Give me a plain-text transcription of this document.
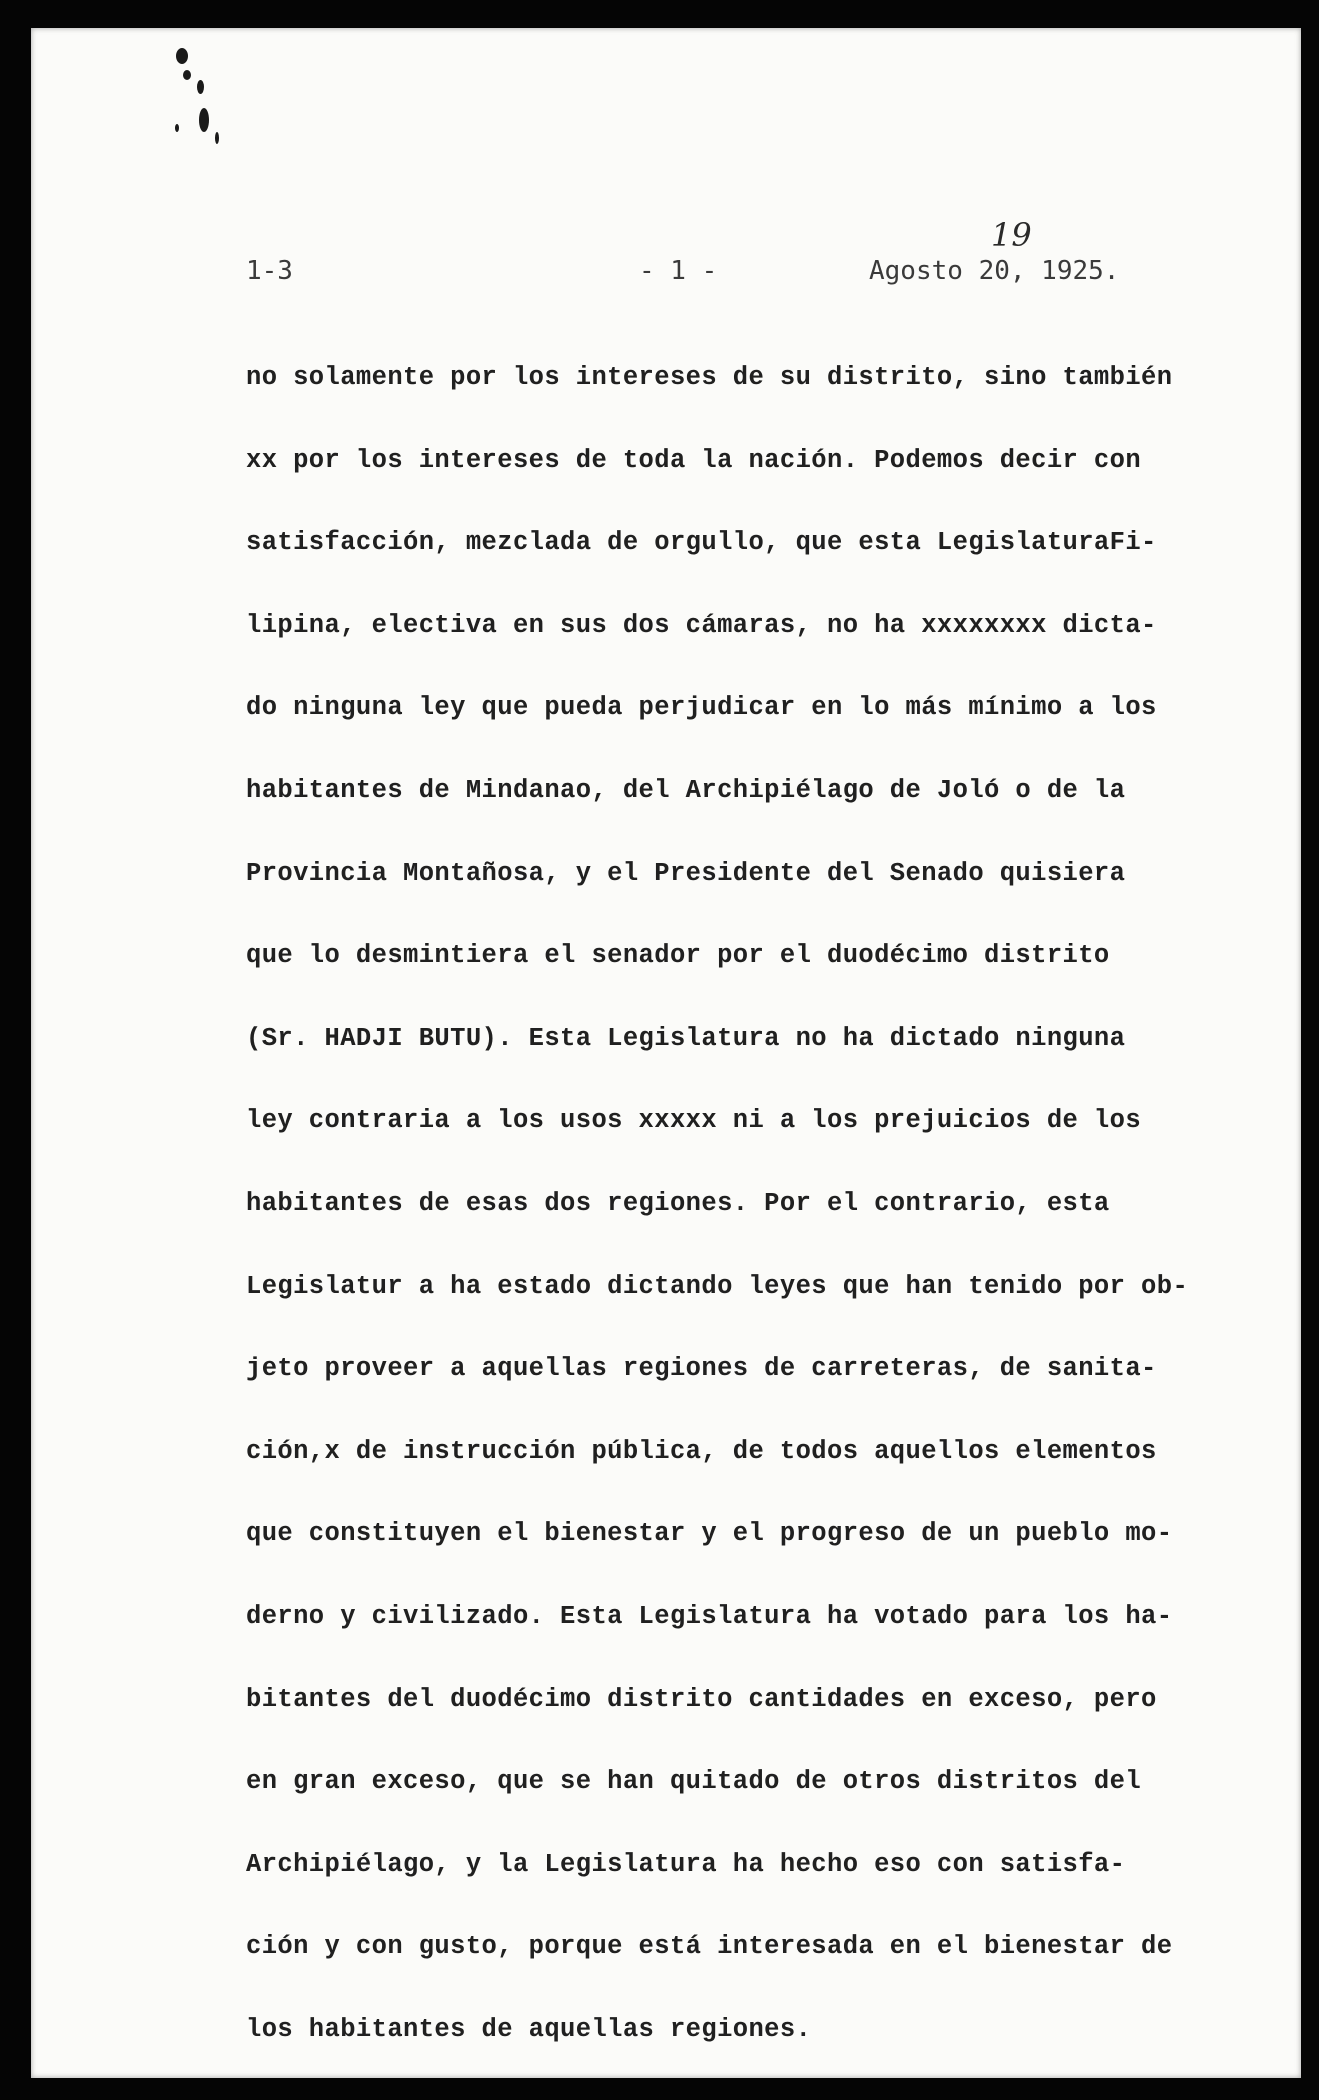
19
1-3	- 1 -	Agosto 20, 1925.
no solamente por los intereses de su distrito, sino también
xx por los intereses de toda la nación. Podemos decir con
satisfacción, mezclada de orgullo, que esta LegislaturaFi-
lipina, electiva en sus dos cámaras, no ha xxxxxxxx dicta-
do ninguna ley que pueda perjudicar en lo más mínimo a los
habitantes de Mindanao, del Archipiélago de Joló o de la
Provincia Montañosa, y el Presidente del Senado quisiera
que lo desmintiera el senador por el duodécimo distrito
(Sr. HADJI BUTU). Esta Legislatura no ha dictado ninguna
ley contraria a los usos xxxxx ni a los prejuicios de los
habitantes de esas dos regiones. Por el contrario, esta
Legislatur a ha estado dictando leyes que han tenido por ob-
jeto proveer a aquellas regiones de carreteras, de sanita-
ción,x de instrucción pública, de todos aquellos elementos
que constituyen el bienestar y el progreso de un pueblo mo-
derno y civilizado. Esta Legislatura ha votado para los ha-
bitantes del duodécimo distrito cantidades en exceso, pero
en gran exceso, que se han quitado de otros distritos del
Archipiélago, y la Legislatura ha hecho eso con satisfa-
ción y con gusto, porque está interesada en el bienestar de
los habitantes de aquellas regiones.
